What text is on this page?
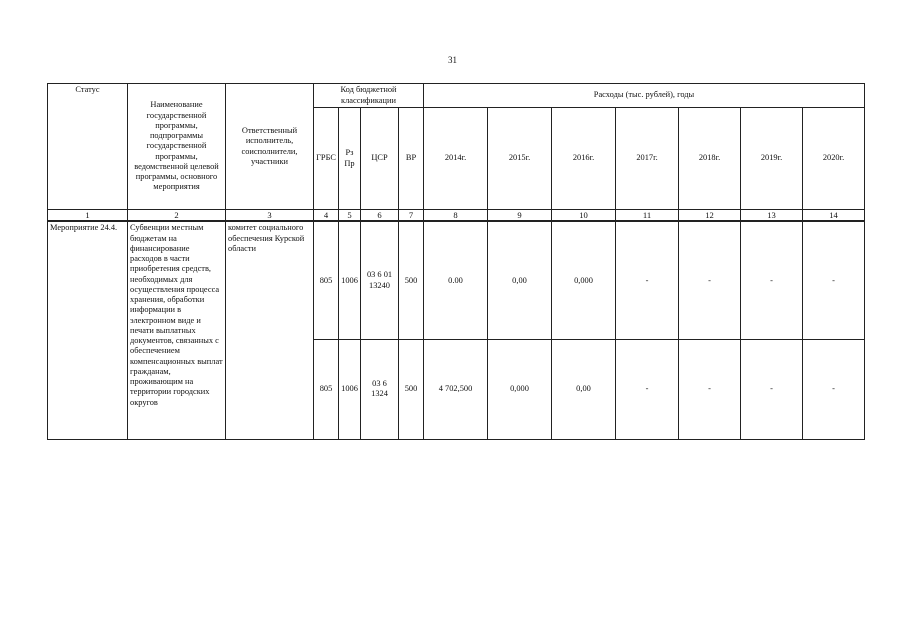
31
Статус	Наименование государственной программы, подпрограммы государственной программы, ведомственной целевой программы, основного мероприятия	Ответственный исполнитель, соисполнители, участники	Код бюджетной классификации				Расходы (тыс. рублей), годы						
			ГРБС	Рз Пр	ЦСР	ВР	2014г.	2015г.	2016г.	2017г.	2018г.	2019г.	2020г.
1	2	3	4	5	6	7	8	9	10	11	12	13	14
Мероприятие 24.4.	Субвенции местным бюджетам на финансирование расходов в части приобретения средств, необходимых для осуществления процесса хранения, обработки информации в электронном виде и печати выплатных документов, связанных с обеспечением компенсационных выплат гражданам, проживающим на территории городских округов	комитет социального обеспечения Курской области	805	1006	03 6 01 13240	500	0.00	0,00	0,000	-	-	-	-
			805	1006	03 6 1324	500	4 702,500	0,000	0,00	-	-	-	-
